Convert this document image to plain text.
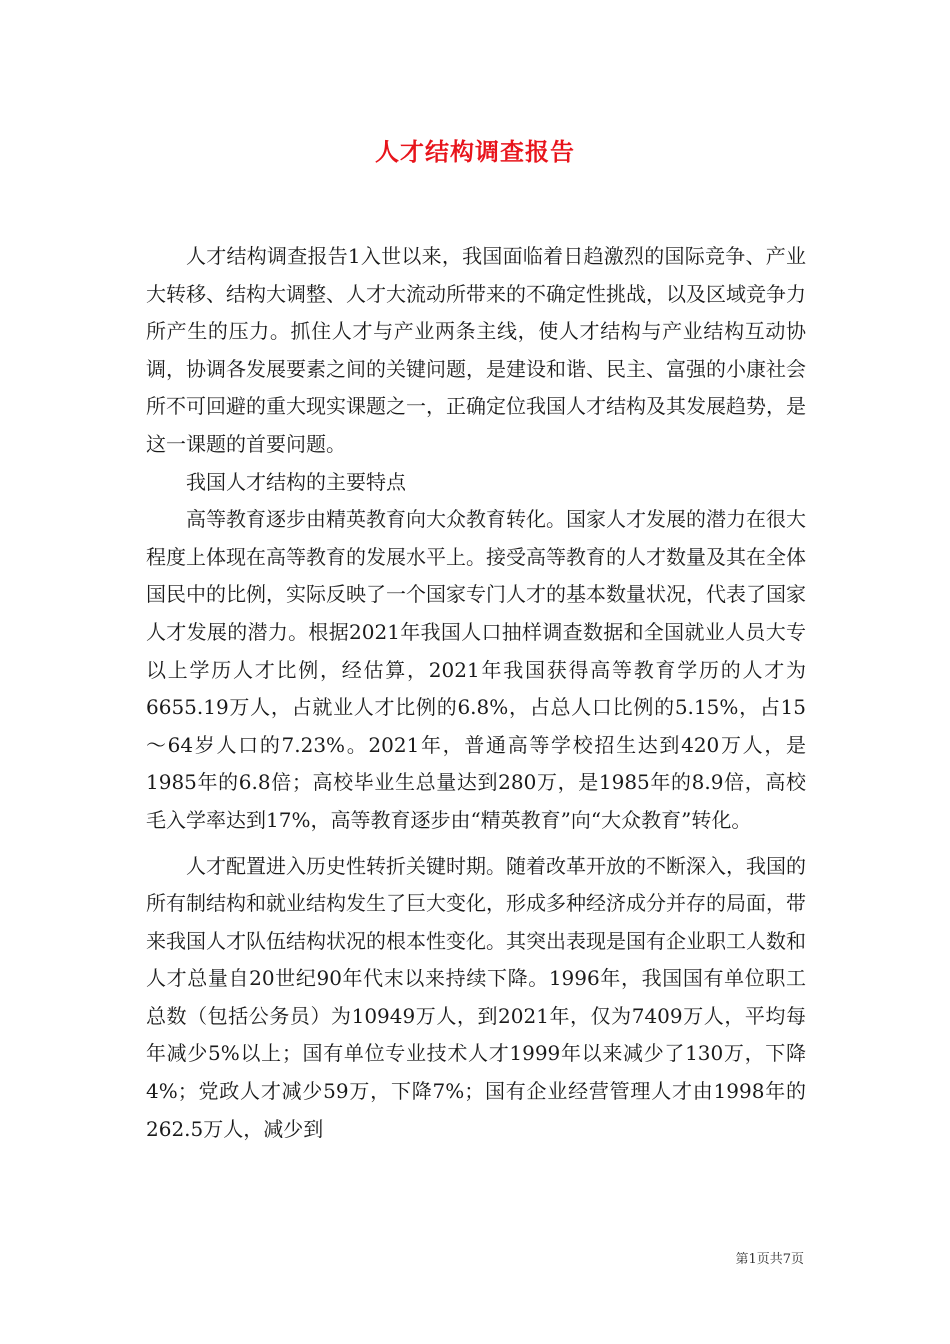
人才结构调查报告

人才结构调查报告1入世以来，我国面临着日趋激烈的国际竞争、产业大转移、结构大调整、人才大流动所带来的不确定性挑战，以及区域竞争力所产生的压力。抓住人才与产业两条主线，使人才结构与产业结构互动协调，协调各发展要素之间的关键问题，是建设和谐、民主、富强的小康社会所不可回避的重大现实课题之一，正确定位我国人才结构及其发展趋势，是这一课题的首要问题。

我国人才结构的主要特点

高等教育逐步由精英教育向大众教育转化。国家人才发展的潜力在很大程度上体现在高等教育的发展水平上。接受高等教育的人才数量及其在全体国民中的比例，实际反映了一个国家专门人才的基本数量状况，代表了国家人才发展的潜力。根据2021年我国人口抽样调查数据和全国就业人员大专以上学历人才比例，经估算，2021年我国获得高等教育学历的人才为6655.19万人，占就业人才比例的6.8%，占总人口比例的5.15%，占15～64岁人口的7.23%。2021年，普通高等学校招生达到420万人，是1985年的6.8倍；高校毕业生总量达到280万，是1985年的8.9倍，高校毛入学率达到17%，高等教育逐步由“精英教育”向“大众教育”转化。

人才配置进入历史性转折关键时期。随着改革开放的不断深入，我国的所有制结构和就业结构发生了巨大变化，形成多种经济成分并存的局面，带来我国人才队伍结构状况的根本性变化。其突出表现是国有企业职工人数和人才总量自20世纪90年代末以来持续下降。1996年，我国国有单位职工总数（包括公务员）为10949万人，到2021年，仅为7409万人，平均每年减少5%以上；国有单位专业技术人才1999年以来减少了130万，下降4%；党政人才减少59万，下降7%；国有企业经营管理人才由1998年的262.5万人，减少到

第1页共7页
